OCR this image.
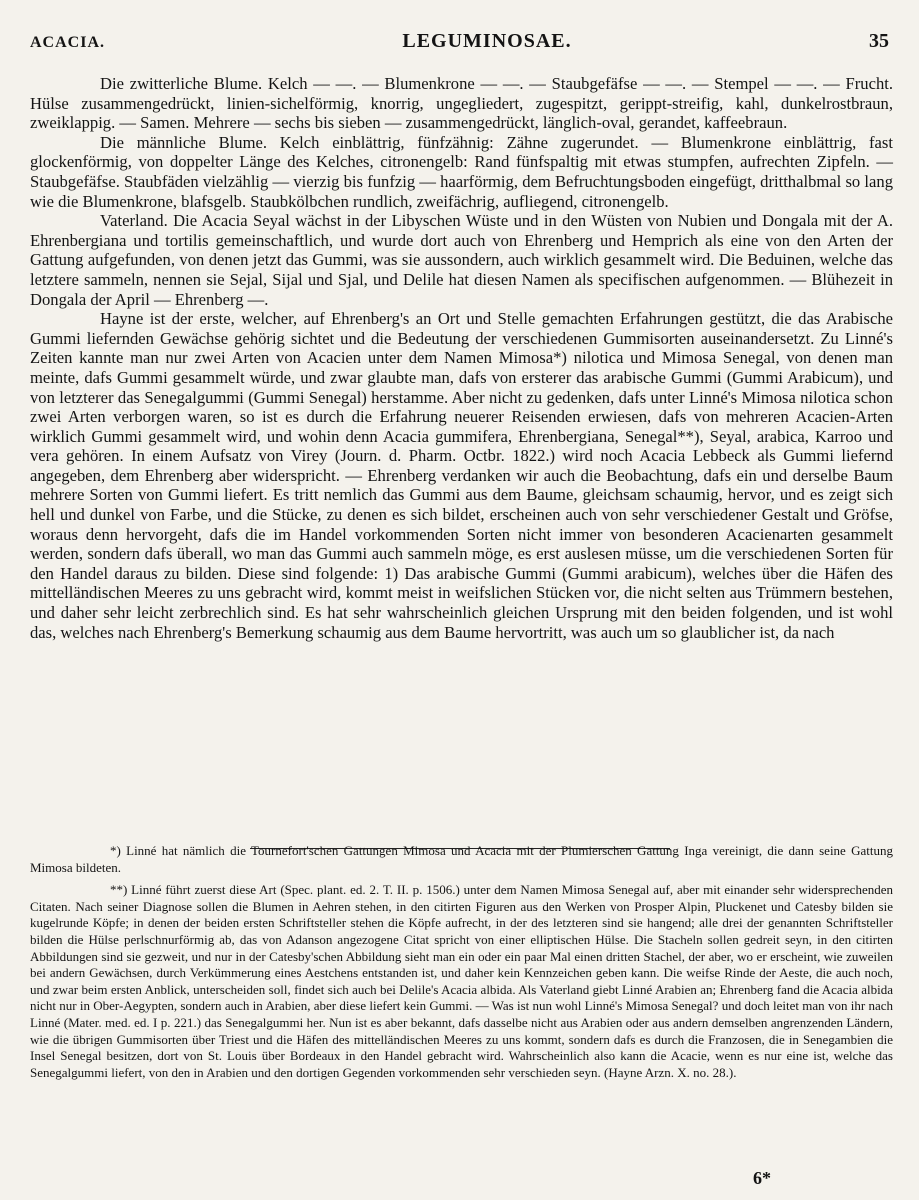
ACACIA.	LEGUMINOSAE.	35

Die zwitterliche Blume. Kelch — —. — Blumenkrone — —. — Staubgefäfse — —. — Stempel — —. — Frucht. Hülse zusammengedrückt, linien-sichelförmig, knorrig, ungegliedert, zugespitzt, gerippt-streifig, kahl, dunkelrostbraun, zweiklappig. — Samen. Mehrere — sechs bis sieben — zusammengedrückt, länglich-oval, gerandet, kaffeebraun.

Die männliche Blume. Kelch einblättrig, fünfzähnig: Zähne zugerundet. — Blumenkrone einblättrig, fast glockenförmig, von doppelter Länge des Kelches, citronengelb: Rand fünfspaltig mit etwas stumpfen, aufrechten Zipfeln. — Staubgefäfse. Staubfäden vielzählig — vierzig bis funfzig — haarförmig, dem Befruchtungsboden eingefügt, dritthalbmal so lang wie die Blumenkrone, blafsgelb. Staubkölbchen rundlich, zweifächrig, aufliegend, citronengelb.

Vaterland. Die Acacia Seyal wächst in der Libyschen Wüste und in den Wüsten von Nubien und Dongala mit der A. Ehrenbergiana und tortilis gemeinschaftlich, und wurde dort auch von Ehrenberg und Hemprich als eine von den Arten der Gattung aufgefunden, von denen jetzt das Gummi, was sie aussondern, auch wirklich gesammelt wird. Die Beduinen, welche das letztere sammeln, nennen sie Sejal, Sijal und Sjal, und Delile hat diesen Namen als specifischen aufgenommen. — Blühezeit in Dongala der April — Ehrenberg —.

Hayne ist der erste, welcher, auf Ehrenberg's an Ort und Stelle gemachten Erfahrungen gestützt, die das Arabische Gummi liefernden Gewächse gehörig sichtet und die Bedeutung der verschiedenen Gummisorten auseinandersetzt. Zu Linné's Zeiten kannte man nur zwei Arten von Acacien unter dem Namen Mimosa*) nilotica und Mimosa Senegal, von denen man meinte, dafs Gummi gesammelt würde, und zwar glaubte man, dafs von ersterer das arabische Gummi (Gummi Arabicum), und von letzterer das Senegalgummi (Gummi Senegal) herstamme. Aber nicht zu gedenken, dafs unter Linné's Mimosa nilotica schon zwei Arten verborgen waren, so ist es durch die Erfahrung neuerer Reisenden erwiesen, dafs von mehreren Acacien-Arten wirklich Gummi gesammelt wird, und wohin denn Acacia gummifera, Ehrenbergiana, Senegal**), Seyal, arabica, Karroo und vera gehören. In einem Aufsatz von Virey (Journ. d. Pharm. Octbr. 1822.) wird noch Acacia Lebbeck als Gummi liefernd angegeben, dem Ehrenberg aber widerspricht. — Ehrenberg verdanken wir auch die Beobachtung, dafs ein und derselbe Baum mehrere Sorten von Gummi liefert. Es tritt nemlich das Gummi aus dem Baume, gleichsam schaumig, hervor, und es zeigt sich hell und dunkel von Farbe, und die Stücke, zu denen es sich bildet, erscheinen auch von sehr verschiedener Gestalt und Gröfse, woraus denn hervorgeht, dafs die im Handel vorkommenden Sorten nicht immer von besonderen Acacienarten gesammelt werden, sondern dafs überall, wo man das Gummi auch sammeln möge, es erst auslesen müsse, um die verschiedenen Sorten für den Handel daraus zu bilden. Diese sind folgende: 1) Das arabische Gummi (Gummi arabicum), welches über die Häfen des mittelländischen Meeres zu uns gebracht wird, kommt meist in weifslichen Stücken vor, die nicht selten aus Trümmern bestehen, und daher sehr leicht zerbrechlich sind. Es hat sehr wahrscheinlich gleichen Ursprung mit den beiden folgenden, und ist wohl das, welches nach Ehrenberg's Bemerkung schaumig aus dem Baume hervortritt, was auch um so glaublicher ist, da nach

*) Linné hat nämlich die Tournefort'schen Gattungen Mimosa und Acacia mit der Plumierschen Gattung Inga vereinigt, die dann seine Gattung Mimosa bildeten.

**) Linné führt zuerst diese Art (Spec. plant. ed. 2. T. II. p. 1506.) unter dem Namen Mimosa Senegal auf, aber mit einander sehr widersprechenden Citaten. Nach seiner Diagnose sollen die Blumen in Aehren stehen, in den citirten Figuren aus den Werken von Prosper Alpin, Pluckenet und Catesby bilden sie kugelrunde Köpfe; in denen der beiden ersten Schriftsteller stehen die Köpfe aufrecht, in der des letzteren sind sie hangend; alle drei der genannten Schriftsteller bilden die Hülse perlschnurförmig ab, das von Adanson angezogene Citat spricht von einer elliptischen Hülse. Die Stacheln sollen gedreit seyn, in den citirten Abbildungen sind sie gezweit, und nur in der Catesby'schen Abbildung sieht man ein oder ein paar Mal einen dritten Stachel, der aber, wo er erscheint, wie zuweilen bei andern Gewächsen, durch Verkümmerung eines Aestchens entstanden ist, und daher kein Kennzeichen geben kann. Die weifse Rinde der Aeste, die auch noch, und zwar beim ersten Anblick, unterscheiden soll, findet sich auch bei Delile's Acacia albida. Als Vaterland giebt Linné Arabien an; Ehrenberg fand die Acacia albida nicht nur in Ober-Aegypten, sondern auch in Arabien, aber diese liefert kein Gummi. — Was ist nun wohl Linné's Mimosa Senegal? und doch leitet man von ihr nach Linné (Mater. med. ed. I p. 221.) das Senegalgummi her. Nun ist es aber bekannt, dafs dasselbe nicht aus Arabien oder aus andern demselben angrenzenden Ländern, wie die übrigen Gummisorten über Triest und die Häfen des mittelländischen Meeres zu uns kommt, sondern dafs es durch die Franzosen, die in Senegambien die Insel Senegal besitzen, dort von St. Louis über Bordeaux in den Handel gebracht wird. Wahrscheinlich also kann die Acacie, wenn es nur eine ist, welche das Senegalgummi liefert, von den in Arabien und den dortigen Gegenden vorkommenden sehr verschieden seyn. (Hayne Arzn. X. no. 28.).

6*
